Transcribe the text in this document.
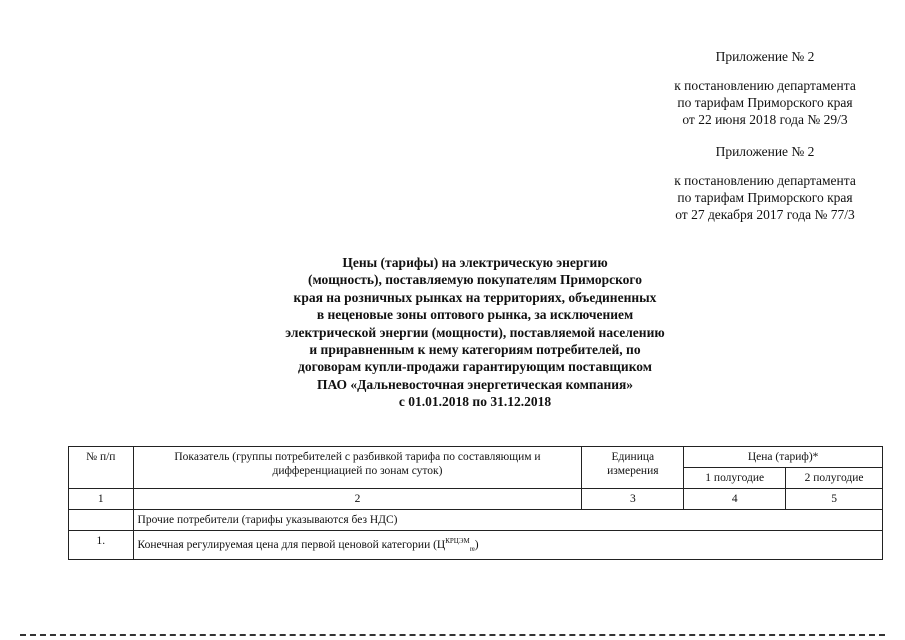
Приложение № 2
к постановлению департамента
по тарифам Приморского края
от 22 июня 2018 года № 29/3
Приложение № 2
к постановлению департамента
по тарифам Приморского края
от 27 декабря 2017 года № 77/3
Цены (тарифы) на электрическую энергию
(мощность), поставляемую покупателям Приморского
края на розничных рынках на территориях, объединенных
в неценовые зоны оптового рынка, за исключением
электрической энергии (мощности), поставляемой населению
и приравненным к нему категориям потребителей, по
договорам купли-продажи гарантирующим поставщиком
ПАО «Дальневосточная энергетическая компания»
с 01.01.2018 по 31.12.2018
№ п/п	Показатель (группы потребителей с разбивкой тарифа по составляющим и дифференциацией по зонам суток)	Единица измерения	Цена (тариф)*	
			1 полугодие	2 полугодие
1	2	3	4	5
	Прочие потребители (тарифы указываются без НДС)			
1.	Конечная регулируемая цена для первой ценовой категории $(Ц^{КРЦЭМ}_m)$			
